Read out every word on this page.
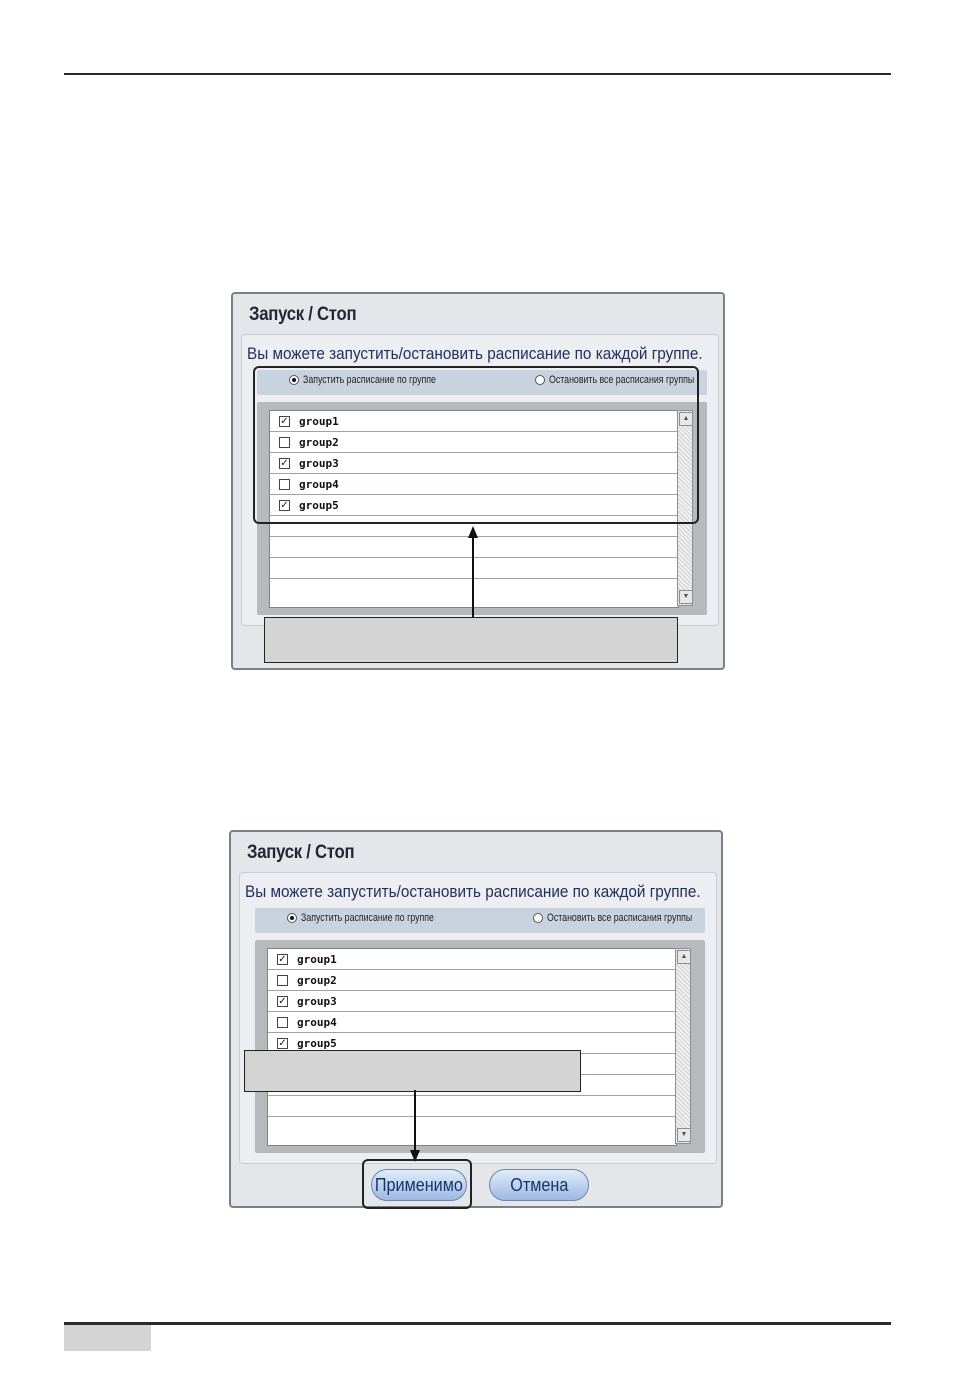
Запуск / Стоп
Вы можете запустить/остановить расписание по каждой группе.
Запустить расписание по группе	Остановить все расписания группы
✓ group1
group2
✓ group3
group4
✓ group5
▲
▼
Запуск / Стоп
Вы можете запустить/остановить расписание по каждой группе.
Запустить расписание по группе	Остановить все расписания группы
✓ group1
group2
✓ group3
group4
✓ group5
▲
▼
Применимо	Отмена
